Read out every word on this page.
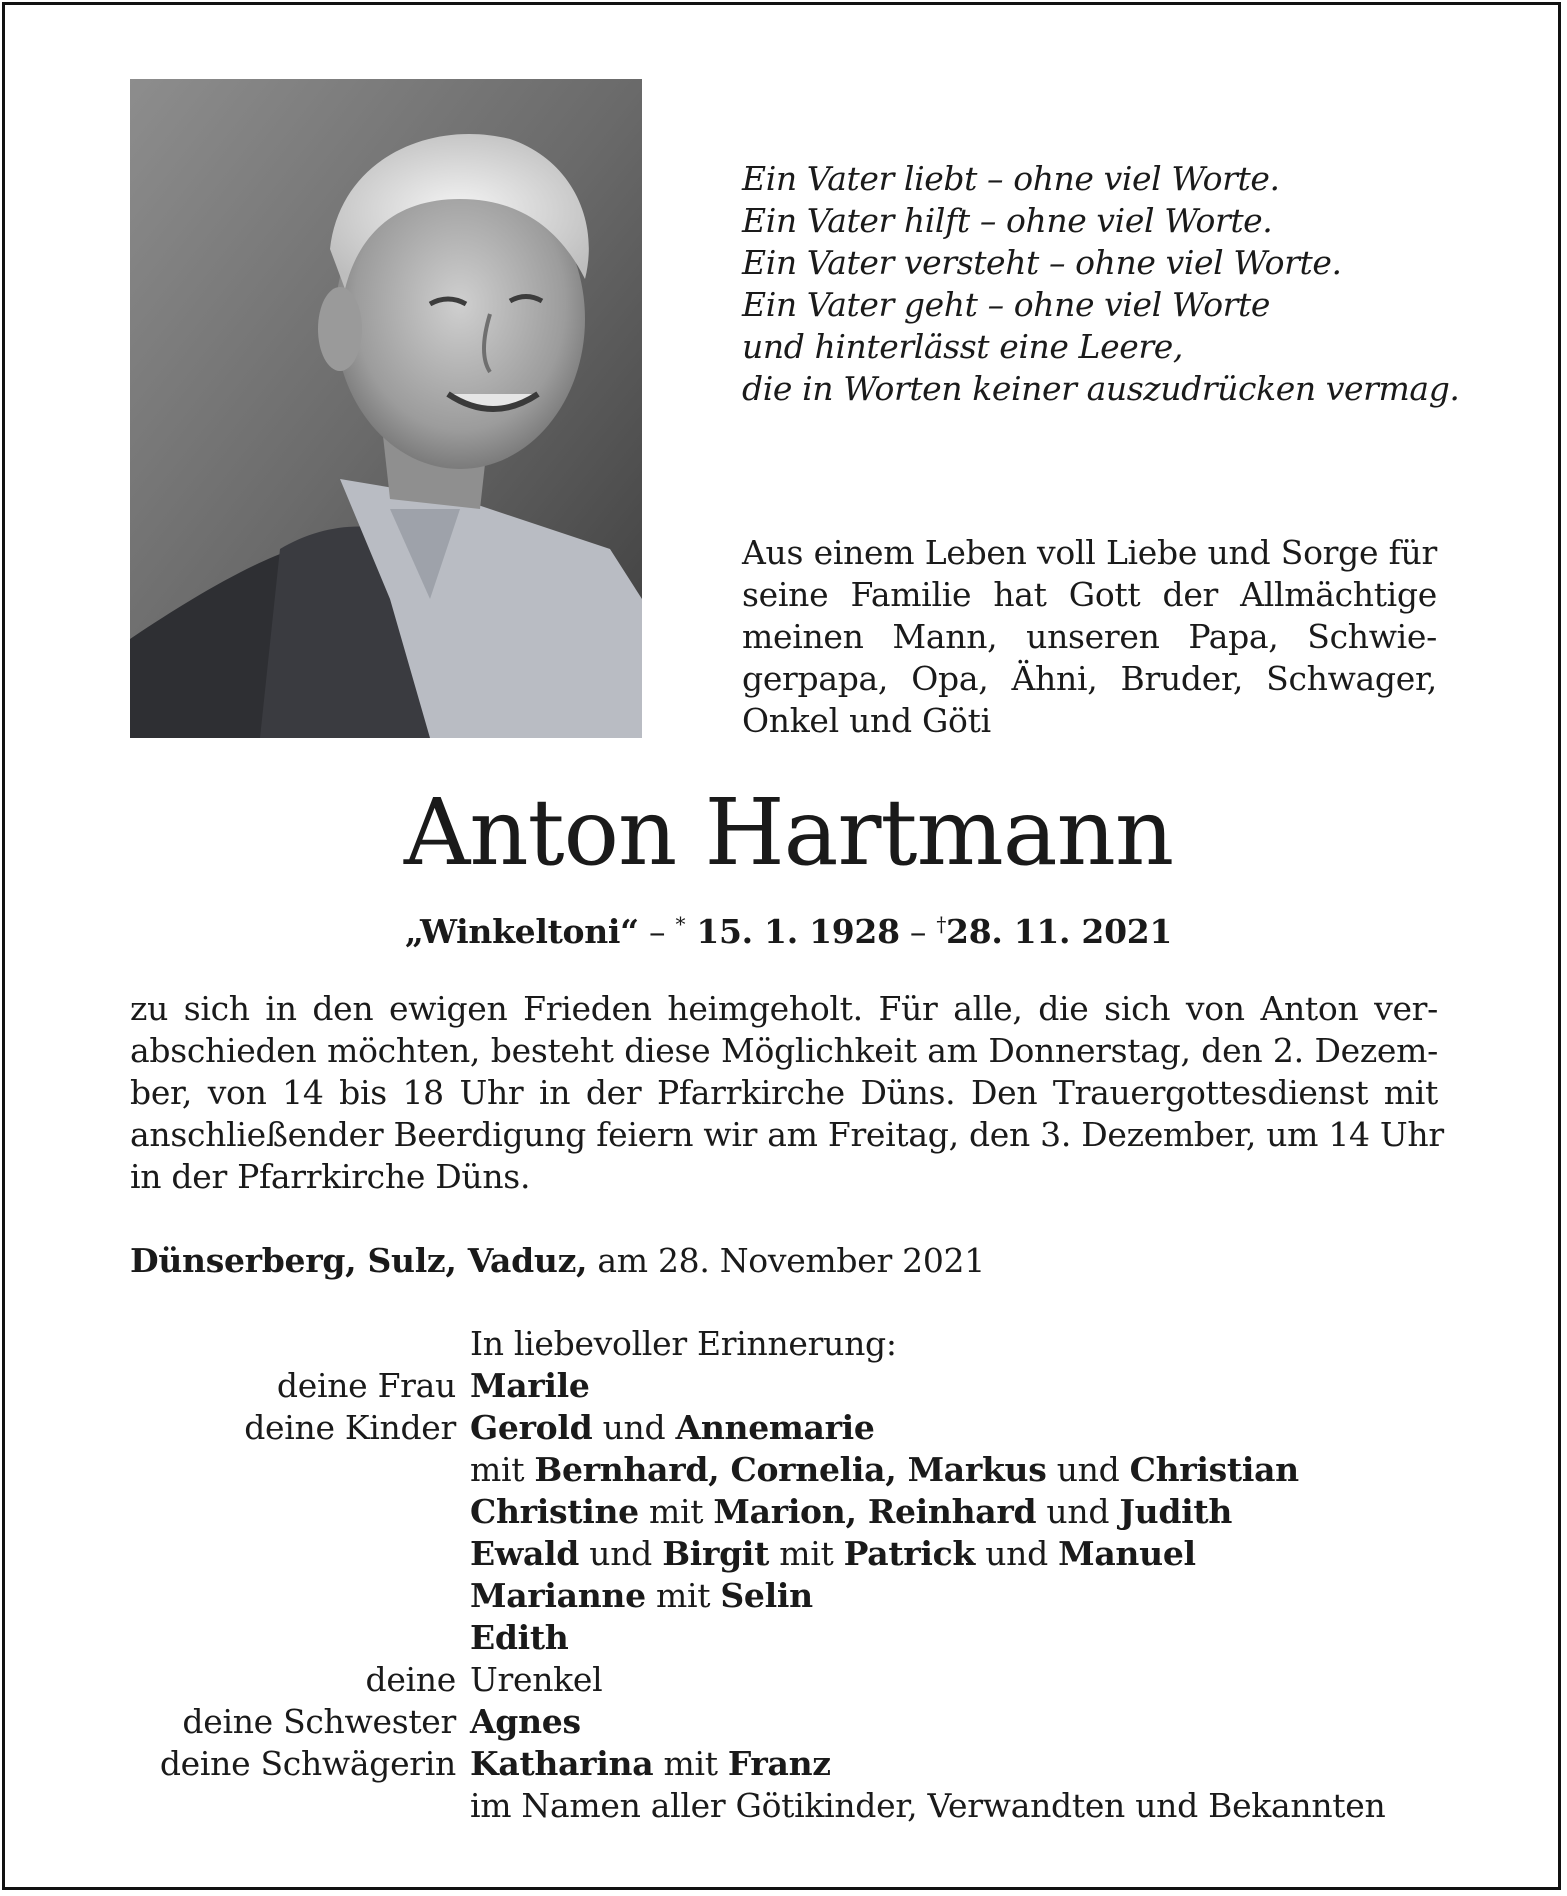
Ein Vater liebt – ohne viel Worte.
Ein Vater hilft – ohne viel Worte.
Ein Vater versteht – ohne viel Worte.
Ein Vater geht – ohne viel Worte
und hinterlässt eine Leere,
die in Worten keiner auszudrücken vermag.
Aus einem Leben voll Liebe und Sorge für
seine Familie hat Gott der Allmächtige
meinen Mann, unseren Papa, Schwie-
gerpapa, Opa, Ähni, Bruder, Schwager,
Onkel und Göti
Anton Hartmann
„Winkeltoni“ – * 15. 1. 1928 – †28. 11. 2021
zu sich in den ewigen Frieden heimgeholt. Für alle, die sich von Anton ver-
abschieden möchten, besteht diese Möglichkeit am Donnerstag, den 2. Dezem-
ber, von 14 bis 18 Uhr in der Pfarrkirche Düns. Den Trauergottesdienst mit
anschließender Beerdigung feiern wir am Freitag, den 3. Dezember, um 14 Uhr
in der Pfarrkirche Düns.
Dünserberg, Sulz, Vaduz, am 28. November 2021
In liebevoller Erinnerung:
deine Frau Marile
deine Kinder Gerold und Annemarie
mit Bernhard, Cornelia, Markus und Christian
Christine mit Marion, Reinhard und Judith
Ewald und Birgit mit Patrick und Manuel
Marianne mit Selin
Edith
deine Urenkel
deine Schwester Agnes
deine Schwägerin Katharina mit Franz
im Namen aller Götikinder, Verwandten und Bekannten
